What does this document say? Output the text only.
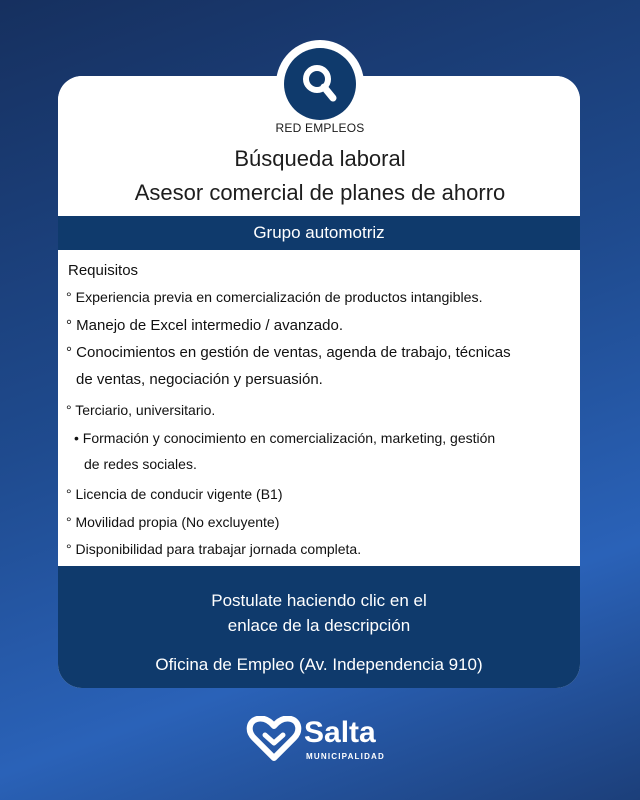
RED EMPLEOS
Búsqueda laboral
Asesor comercial de planes de ahorro
Grupo automotriz
Requisitos
° Experiencia previa en comercialización de productos intangibles.
° Manejo de Excel intermedio / avanzado.
° Conocimientos en gestión de ventas, agenda de trabajo, técnicas
de ventas, negociación y persuasión.
° Terciario, universitario.
• Formación y conocimiento en comercialización, marketing, gestión
de redes sociales.
° Licencia de conducir vigente (B1)
° Movilidad propia (No excluyente)
° Disponibilidad para trabajar jornada completa.
Postulate haciendo clic en el
enlace de la descripción
Oficina de Empleo (Av. Independencia 910)
Salta
MUNICIPALIDAD
